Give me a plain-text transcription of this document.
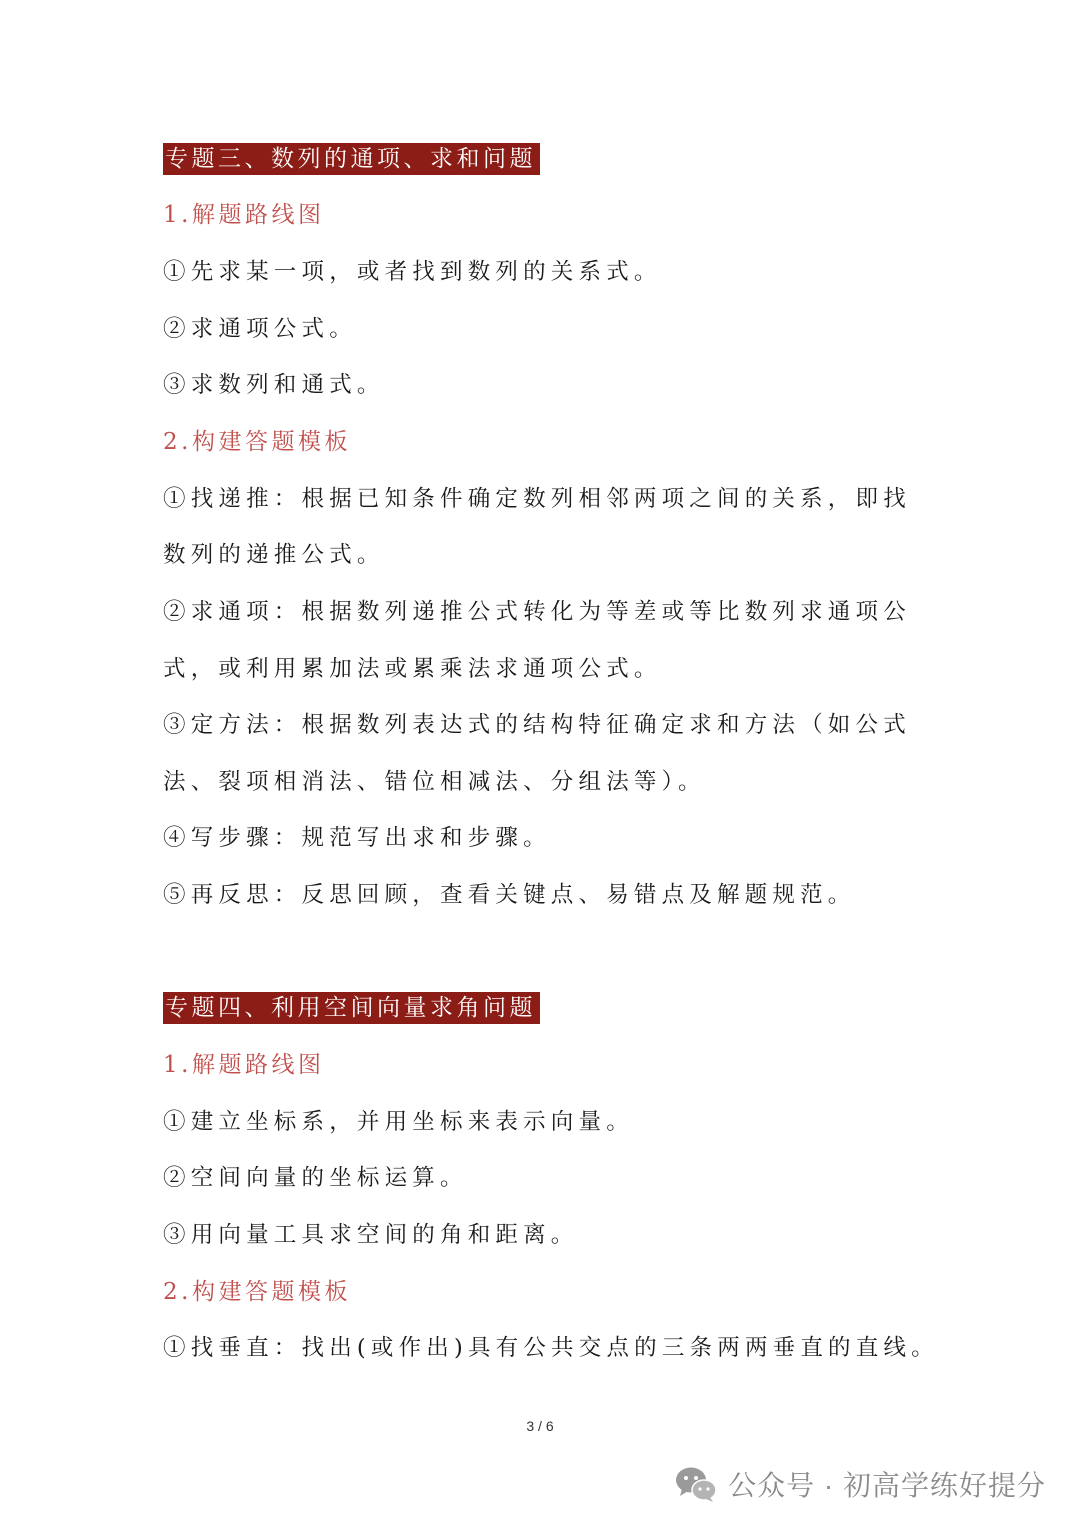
专题三、数列的通项、求和问题
1.解题路线图
①先求某一项，或者找到数列的关系式。
②求通项公式。
③求数列和通式。
2.构建答题模板
①找递推：根据已知条件确定数列相邻两项之间的关系，即找
数列的递推公式。
②求通项：根据数列递推公式转化为等差或等比数列求通项公
式，或利用累加法或累乘法求通项公式。
③定方法：根据数列表达式的结构特征确定求和方法（如公式
法、裂项相消法、错位相减法、分组法等）。
④写步骤：规范写出求和步骤。
⑤再反思：反思回顾，查看关键点、易错点及解题规范。
专题四、利用空间向量求角问题
1.解题路线图
①建立坐标系，并用坐标来表示向量。
②空间向量的坐标运算。
③用向量工具求空间的角和距离。
2.构建答题模板
①找垂直：找出(或作出)具有公共交点的三条两两垂直的直线。
3 / 6
公众号 · 初高学练好提分
